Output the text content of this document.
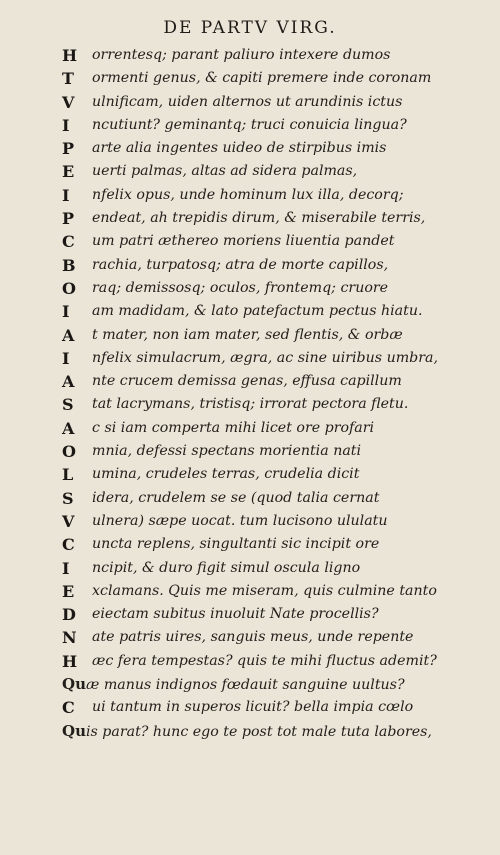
DE PARTV VIRG.
H orrentesq; parant paliuro intexere dumos
T ormenti genus, & capiti premere inde coronam
V ulnificam, uiden alternos ut arundinis ictus
I	ncutiunt? geminantq; truci conuicia lingua?
P arte alia ingentes uideo de stirpibus imis
E uerti palmas, altas ad sidera palmas,
I	nfelix opus, unde hominum lux illa, decorq;
P endeat, ah trepidis dirum, & miserabile terris,
C um patri æthereo moriens liuentia pandet
B rachia, turpatosq; atra de morte capillos,
O raq; demissosq; oculos, frontemq; cruore
I	am madidam, & lato patefactum pectus hiatu.
A t mater, non iam mater, sed flentis, & orbæ
I	nfelix simulacrum, ægra, ac sine uiribus umbra,
A nte crucem demissa genas, effusa capillum
S	tat lacrymans, tristisq; irrorat pectora fletu.
A c si iam comperta mihi licet ore profari
O mnia, defessi spectans morientia nati
L	umina, crudeles terras, crudelia dicit
S	idera, crudelem se se (quod talia cernat
V ulnera) sæpe uocat. tum lucisono ululatu
C uncta replens, singultanti sic incipit ore
I	ncipit, & duro figit simul oscula ligno
E xclamans. Quis me miseram, quis culmine tanto
D eiectam subitus inuoluit Nate procellis?
N ate patris uires, sanguis meus, unde repente
H æc fera tempestas? quis te mihi fluctus ademit?
Quæ manus indignos fœdauit sanguine uultus?
C ui tantum in superos licuit? bella impia cœlo
Quis parat? hunc ego te post tot male tuta labores,
